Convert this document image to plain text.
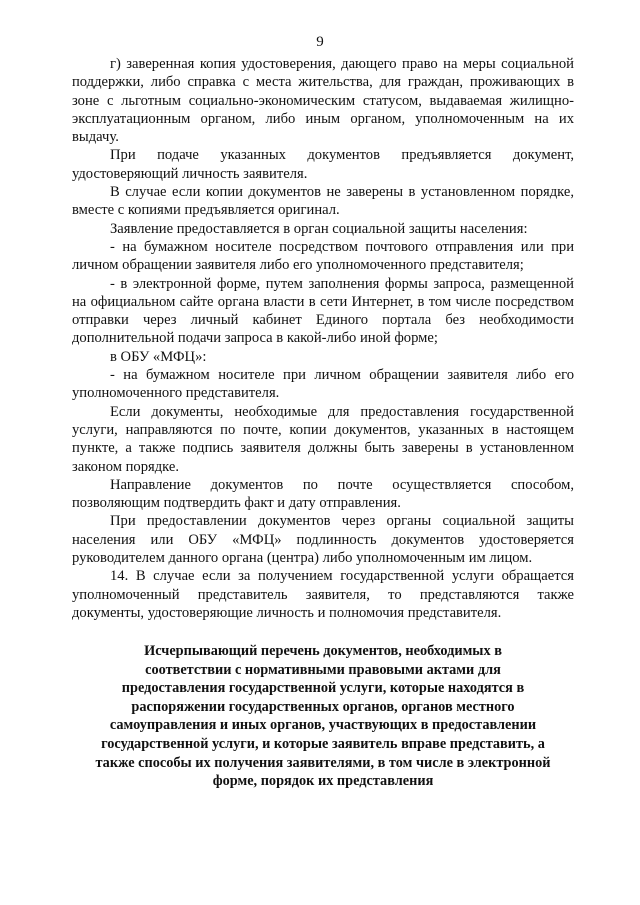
9

г) заверенная копия удостоверения, дающего право на меры социальной поддержки, либо справка с места жительства, для граждан, проживающих в зоне с льготным социально-экономическим статусом, выдаваемая жилищно-эксплуатационным органом, либо иным органом, уполномоченным на их выдачу.

При подаче указанных документов предъявляется документ, удостоверяющий личность заявителя.

В случае если копии документов не заверены в установленном порядке, вместе с копиями предъявляется оригинал.

Заявление предоставляется в орган социальной защиты населения:

- на бумажном носителе посредством почтового отправления или при личном обращении заявителя либо его уполномоченного представителя;

- в электронной форме, путем заполнения формы запроса, размещенной на официальном сайте органа власти в сети Интернет, в том числе посредством отправки через личный кабинет Единого портала без необходимости дополнительной подачи запроса в какой-либо иной форме;

в ОБУ «МФЦ»:

- на бумажном носителе при личном обращении заявителя либо его уполномоченного представителя.

Если документы, необходимые для предоставления государственной услуги, направляются по почте, копии документов, указанных в настоящем пункте, а также подпись заявителя должны быть заверены в установленном законом порядке.

Направление документов по почте осуществляется способом, позволяющим подтвердить факт и дату отправления.

При предоставлении документов через органы социальной защиты населения или ОБУ «МФЦ» подлинность документов удостоверяется руководителем данного органа (центра) либо уполномоченным им лицом.

14. В случае если за получением государственной услуги обращается уполномоченный представитель заявителя, то представляются также документы, удостоверяющие личность и полномочия представителя.

Исчерпывающий перечень документов, необходимых в
соответствии с нормативными правовыми актами для
предоставления государственной услуги, которые находятся в
распоряжении государственных органов, органов местного
самоуправления и иных органов, участвующих в предоставлении
государственной услуги, и которые заявитель вправе представить, а
также способы их получения заявителями, в том числе в электронной
форме, порядок их представления
